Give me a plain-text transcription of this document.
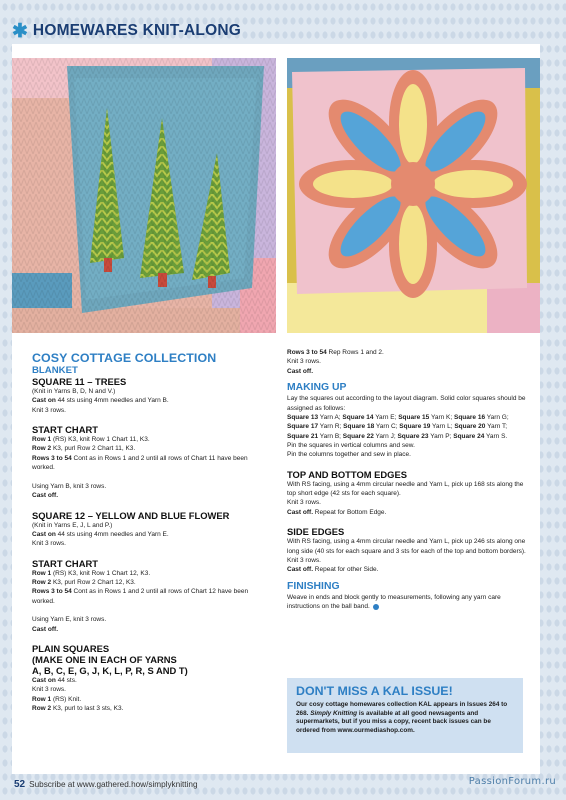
✱ HOMEWARES KNIT-ALONG
COSY COTTAGE COLLECTION
BLANKET
SQUARE 11 – TREES

(Knit in Yarns B, D, N and V.)

Cast on 44 sts using 4mm needles and Yarn B.

Knit 3 rows.

START CHART

Row 1 (RS) K3, knit Row 1 Chart 11, K3.

Row 2 K3, purl Row 2 Chart 11, K3.

Rows 3 to 54 Cont as in Rows 1 and 2 until all rows of Chart 11 have been worked.

Using Yarn B, knit 3 rows.

Cast off.

SQUARE 12 – YELLOW AND BLUE FLOWER

(Knit in Yarns E, J, L and P.)

Cast on 44 sts using 4mm needles and Yarn E.

Knit 3 rows.

START CHART

Row 1 (RS) K3, knit Row 1 Chart 12, K3.

Row 2 K3, purl Row 2 Chart 12, K3.

Rows 3 to 54 Cont as in Rows 1 and 2 until all rows of Chart 12 have been worked.

Using Yarn E, knit 3 rows.

Cast off.

PLAIN SQUARES
(MAKE ONE IN EACH OF YARNS
A, B, C, E, G, J, K, L, P, R, S AND T)

Cast on 44 sts.

Knit 3 rows.

Row 1 (RS) Knit.

Row 2 K3, purl to last 3 sts, K3.

Rows 3 to 54 Rep Rows 1 and 2.

Knit 3 rows.

Cast off.

MAKING UP

Lay the squares out according to the layout diagram. Solid color squares should be assigned as follows:

Square 13 Yarn A; Square 14 Yarn E; Square 15 Yarn K; Square 16 Yarn G; Square 17 Yarn R; Square 18 Yarn C; Square 19 Yarn L; Square 20 Yarn T; Square 21 Yarn B; Square 22 Yarn J; Square 23 Yarn P; Square 24 Yarn S.

Pin the squares in vertical columns and sew.

Pin the columns together and sew in place.

TOP AND BOTTOM EDGES

With RS facing, using a 4mm circular needle and Yarn L, pick up 168 sts along the top short edge (42 sts for each square).

Knit 3 rows.

Cast off. Repeat for Bottom Edge.

SIDE EDGES

With RS facing, using a 4mm circular needle and Yarn L, pick up 246 sts along one long side (40 sts for each square and 3 sts for each of the top and bottom borders).

Knit 3 rows.

Cast off. Repeat for other Side.

FINISHING

Weave in ends and block gently to measurements, following any yarn care instructions on the ball band.

DON'T MISS A KAL ISSUE!

Our cosy cottage homewares collection KAL appears in Issues 264 to 268. Simply Knitting is available at all good newsagents and supermarkets, but if you miss a copy, recent back issues can be ordered from www.ourmediashop.com.

52 Subscribe at www.gathered.how/simplyknitting	PassionForum.ru
